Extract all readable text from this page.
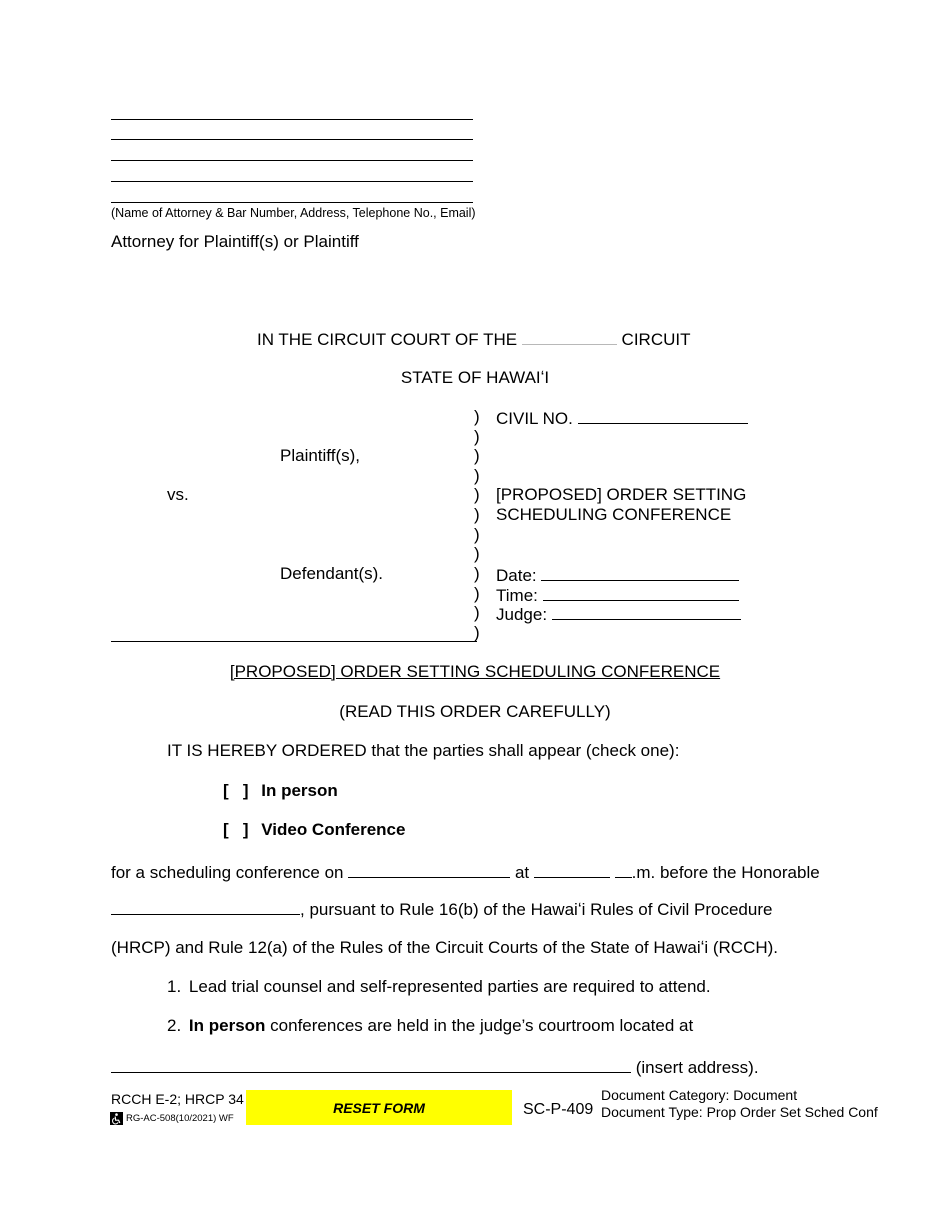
(Name of Attorney & Bar Number, Address, Telephone No., Email)
Attorney for Plaintiff(s) or Plaintiff
IN THE CIRCUIT COURT OF THE	CIRCUIT
STATE OF HAWAIʻI
Plaintiff(s),
vs.
Defendant(s).
)
)
)
)
)
)
)
)
)
)
)
)
CIVIL NO.
[PROPOSED] ORDER SETTING
SCHEDULING CONFERENCE
Date:
Time:
Judge:
[PROPOSED] ORDER SETTING SCHEDULING CONFERENCE
(READ THIS ORDER CAREFULLY)
IT IS HEREBY ORDERED that the parties shall appear (check one):
[   ] In person
[   ] Video Conference
for a scheduling conference on	at	.m. before the Honorable
, pursuant to Rule 16(b) of the Hawaiʻi Rules of Civil Procedure
(HRCP) and Rule 12(a) of the Rules of the Circuit Courts of the State of Hawaiʻi (RCCH).
1. Lead trial counsel and self-represented parties are required to attend.
2. In person conferences are held in the judge’s courtroom located at
(insert address).
RCCH E-2; HRCP 34
RG-AC-508(10/2021) WF
RESET FORM	SC-P-409
Document Category: Document
Document Type: Prop Order Set Sched Conf
